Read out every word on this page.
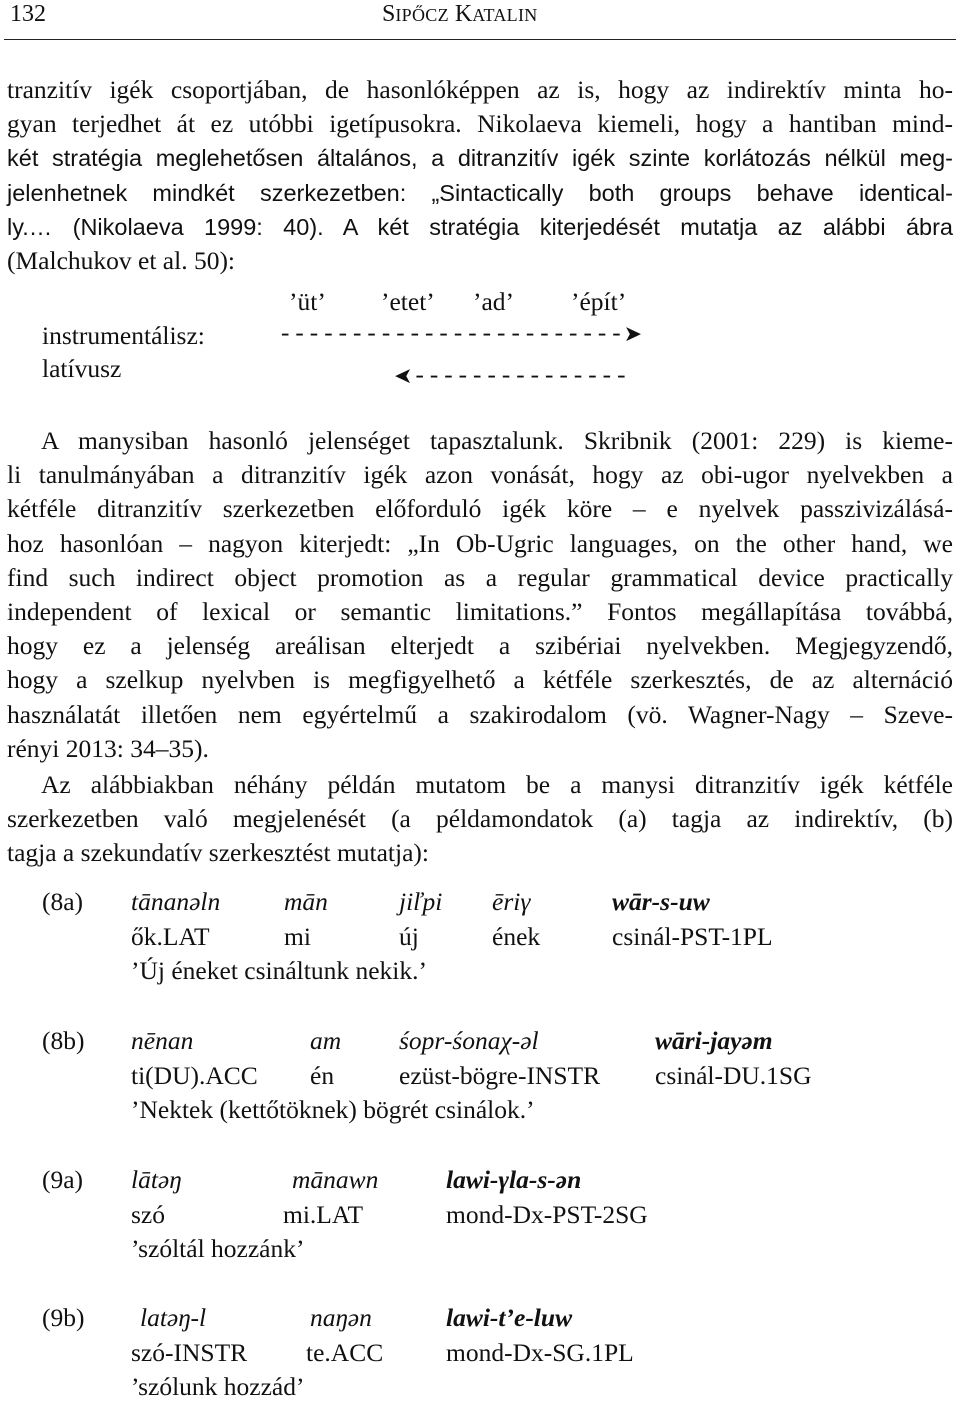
132	SIPŐCZ KATALIN
tranzitív igék csoportjában, de hasonlóképpen az is, hogy az indirektív minta ho-
gyan terjedhet át ez utóbbi igetípusokra. Nikolaeva kiemeli, hogy a hantiban mind-
két stratégia meglehetősen általános, a ditranzitív igék szinte korlátozás nélkül meg-
jelenhetnek mindkét szerkezetben: „Sintactically both groups behave identical-
ly.… (Nikolaeva 1999: 40). A két stratégia kiterjedését mutatja az alábbi ábra
(Malchukov et al. 50):
’üt’ ’etet’ ’ad’ ’épít’
instrumentálisz:	------------------------➤
latívusz	➤---------------
A manysiban hasonló jelenséget tapasztalunk. Skribnik (2001: 229) is kieme-
li tanulmányában a ditranzitív igék azon vonását, hogy az obi-ugor nyelvekben a
kétféle ditranzitív szerkezetben előforduló igék köre – e nyelvek passzivizálásá-
hoz hasonlóan – nagyon kiterjedt: „In Ob-Ugric languages, on the other hand, we
find such indirect object promotion as a regular grammatical device practically
independent of lexical or semantic limitations.” Fontos megállapítása továbbá,
hogy ez a jelenség areálisan elterjedt a szibériai nyelvekben. Megjegyzendő,
hogy a szelkup nyelvben is megfigyelhető a kétféle szerkesztés, de az alternáció
használatát illetően nem egyértelmű a szakirodalom (vö. Wagner-Nagy – Szeve-
rényi 2013: 34–35).
Az alábbiakban néhány példán mutatom be a manysi ditranzitív igék kétféle
szerkezetben való megjelenését (a példamondatok (a) tagja az indirektív, (b)
tagja a szekundatív szerkesztést mutatja):
(8a) tānanəln	mān	jiľpi ēriγ	wār-s-uw
ők.LAT	mi	új	ének	csinál-PST-1PL
’Új éneket csináltunk nekik.’
(8b) nēnan	am śopr-śonaχ-əl	wāri-jayəm
ti(DU).ACC én	ezüst-bögre-INSTR csinál-DU.1SG
’Nektek (kettőtöknek) bögrét csinálok.’
(9a) lātəŋ	mānawn	lawi-γla-s-ən
szó	mi.LAT	mond-Dx-PST-2SG
’szóltál hozzánk’
(9b) latəŋ-l	naŋən	lawi-t’e-luw
szó-INSTR te.ACC mond-Dx-SG.1PL
’szólunk hozzád’
